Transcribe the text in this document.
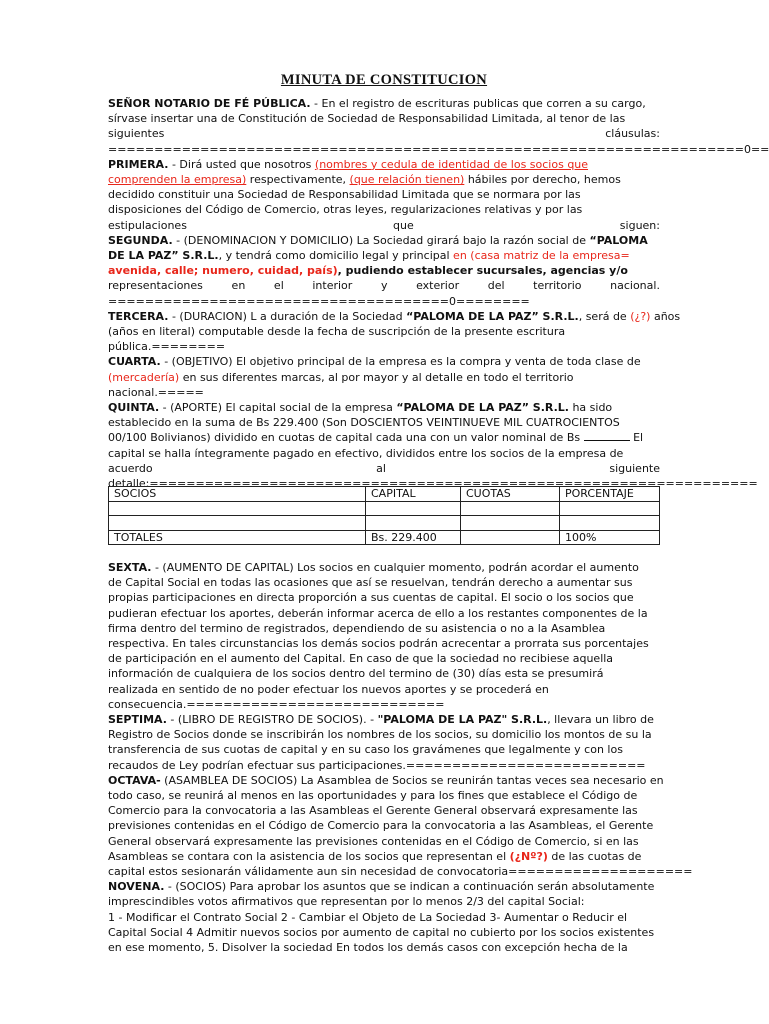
MINUTA DE CONSTITUCION

SEÑOR NOTARIO DE FÉ PÚBLICA. - En el registro de escrituras publicas que corren a su cargo,
sírvase insertar una de Constitución de Sociedad de Responsabilidad Limitada, al tenor de las
siguientes	cláusulas:
=====================================================================0==

PRIMERA. - Dirá usted que nosotros (nombres y cedula de identidad de los socios que
comprenden la empresa) respectivamente, (que relación tienen) hábiles por derecho, hemos
decidido constituir una Sociedad de Responsabilidad Limitada que se normara por las
disposiciones del Código de Comercio, otras leyes, regularizaciones relativas y por las
estipulaciones	que	siguen:

SEGUNDA. - (DENOMINACION Y DOMICILIO) La Sociedad girará bajo la razón social de “PALOMA
DE LA PAZ” S.R.L., y tendrá como domicilio legal y principal en (casa matriz de la empresa=
avenida, calle; numero, cuidad, país), pudiendo establecer sucursales, agencias y/o
representaciones	en	el	interior	y	exterior	del	territorio	nacional.
=====================================0========

TERCERA. - (DURACION) L a duración de la Sociedad “PALOMA DE LA PAZ” S.R.L., será de (¿?) años
(años en literal) computable desde la fecha de suscripción de la presente escritura
pública.========

CUARTA. - (OBJETIVO) El objetivo principal de la empresa es la compra y venta de toda clase de
(mercadería) en sus diferentes marcas, al por mayor y al detalle en todo el territorio
nacional.=====

QUINTA. - (APORTE) El capital social de la empresa “PALOMA DE LA PAZ” S.R.L. ha sido
establecido en la suma de Bs 229.400 (Son DOSCIENTOS VEINTINUEVE MIL CUATROCIENTOS
00/100 Bolivianos) dividido en cuotas de capital cada una con un valor nominal de Bs	El
capital se halla íntegramente pagado en efectivo, divididos entre los socios de la empresa de
acuerdo	al	siguiente
detalle:==================================================================

SOCIOS	CAPITAL	CUOTAS	PORCENTAJE

TOTALES	Bs. 229.400		100%

SEXTA. - (AUMENTO DE CAPITAL) Los socios en cualquier momento, podrán acordar el aumento
de Capital Social en todas las ocasiones que así se resuelvan, tendrán derecho a aumentar sus
propias participaciones en directa proporción a sus cuentas de capital. El socio o los socios que
pudieran efectuar los aportes, deberán informar acerca de ello a los restantes componentes de la
firma dentro del termino de registrados, dependiendo de su asistencia o no a la Asamblea
respectiva. En tales circunstancias los demás socios podrán acrecentar a prorrata sus porcentajes
de participación en el aumento del Capital. En caso de que la sociedad no recibiese aquella
información de cualquiera de los socios dentro del termino de (30) días esta se presumirá
realizada en sentido de no poder efectuar los nuevos aportes y se procederá en
consecuencia.============================

SEPTIMA. - (LIBRO DE REGISTRO DE SOCIOS). - "PALOMA DE LA PAZ" S.R.L., llevara un libro de
Registro de Socios donde se inscribirán los nombres de los socios, su domicilio los montos de su la
transferencia de sus cuotas de capital y en su caso los gravámenes que legalmente y con los
recaudos de Ley podrían efectuar sus participaciones.==========================

OCTAVA- (ASAMBLEA DE SOCIOS) La Asamblea de Socios se reunirán tantas veces sea necesario en
todo caso, se reunirá al menos en las oportunidades y para los fines que establece el Código de
Comercio para la convocatoria a las Asambleas el Gerente General observará expresamente las
previsiones contenidas en el Código de Comercio para la convocatoria a las Asambleas, el Gerente
General observará expresamente las previsiones contenidas en el Código de Comercio, si en las
Asambleas se contara con la asistencia de los socios que representan el (¿Nº?) de las cuotas de
capital estos sesionarán válidamente aun sin necesidad de convocatoria====================

NOVENA. - (SOCIOS) Para aprobar los asuntos que se indican a continuación serán absolutamente
imprescindibles votos afirmativos que representan por lo menos 2/3 del capital Social:
1 - Modificar el Contrato Social 2 - Cambiar el Objeto de La Sociedad 3- Aumentar o Reducir el
Capital Social 4 Admitir nuevos socios por aumento de capital no cubierto por los socios existentes
en ese momento, 5. Disolver la sociedad En todos los demás casos con excepción hecha de la
